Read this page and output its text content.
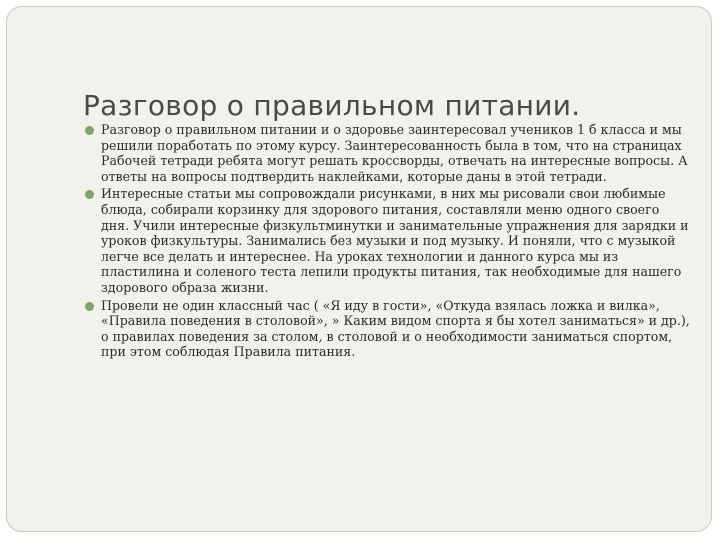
Разговор о правильном питании.
Разговор о правильном питании и о здоровье заинтересовал учеников 1 б класса и мы решили поработать по этому курсу. Заинтересованность была в том, что на страницах Рабочей тетради ребята могут решать кроссворды, отвечать на интересные вопросы. А ответы на вопросы подтвердить наклейками, которые даны в этой тетради.
Интересные статьи мы сопровождали рисунками, в них мы рисовали свои любимые блюда, собирали корзинку для здорового питания, составляли меню одного своего дня. Учили интересные физкультминутки и занимательные упражнения для зарядки и уроков физкультуры. Занимались без музыки и под музыку. И поняли, что с музыкой легче все делать и интереснее. На уроках технологии и данного курса мы из пластилина и соленого теста лепили продукты питания, так необходимые для нашего здорового образа жизни.
Провели не один классный час ( «Я иду в гости», «Откуда взялась ложка и вилка», «Правила поведения в столовой», » Каким видом спорта я бы хотел заниматься» и др.), о правилах поведения за столом, в столовой и о необходимости заниматься спортом, при этом соблюдая Правила питания.
